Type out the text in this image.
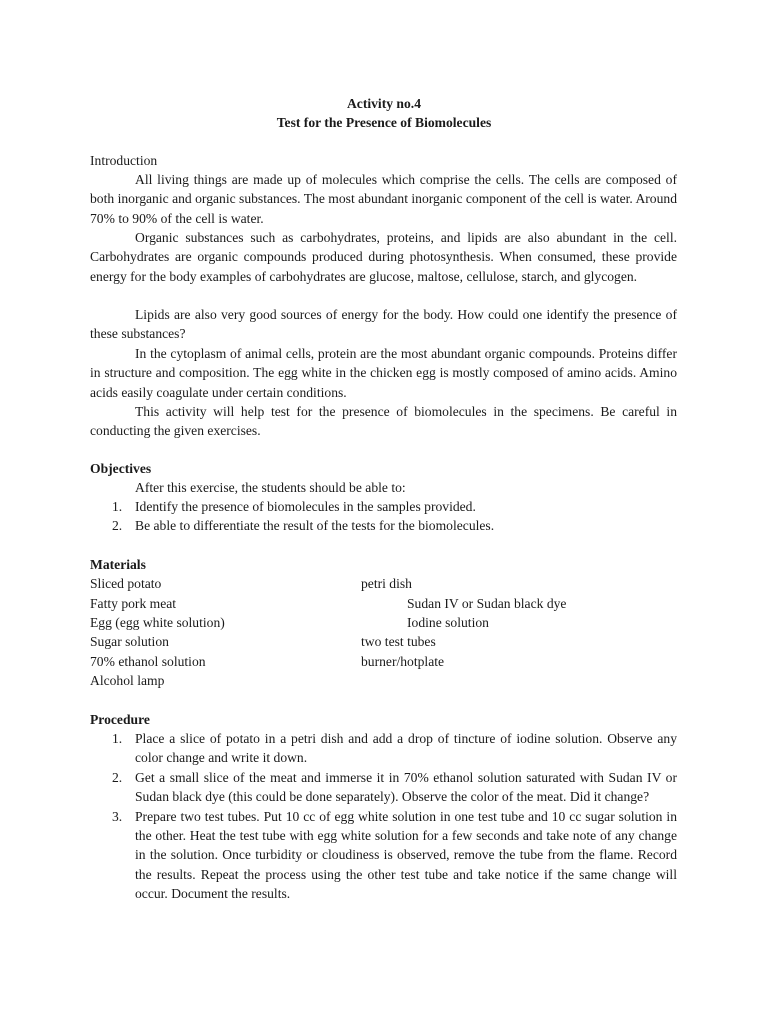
Activity no.4
Test for the Presence of Biomolecules
Introduction

All living things are made up of molecules which comprise the cells. The cells are composed of both inorganic and organic substances. The most abundant inorganic component of the cell is water. Around 70% to 90% of the cell is water.

Organic substances such as carbohydrates, proteins, and lipids are also abundant in the cell. Carbohydrates are organic compounds produced during photosynthesis. When consumed, these provide energy for the body examples of carbohydrates are glucose, maltose, cellulose, starch, and glycogen.

Lipids are also very good sources of energy for the body. How could one identify the presence of these substances?

In the cytoplasm of animal cells, protein are the most abundant organic compounds. Proteins differ in structure and composition. The egg white in the chicken egg is mostly composed of amino acids. Amino acids easily coagulate under certain conditions.

This activity will help test for the presence of biomolecules in the specimens. Be careful in conducting the given exercises.

Objectives
After this exercise, the students should be able to:
1. Identify the presence of biomolecules in the samples provided.
2. Be able to differentiate the result of the tests for the biomolecules.
Materials
Sliced potato
Fatty pork meat
Egg (egg white solution)
Sugar solution
70% ethanol solution
Alcohol lamp
petri dish
Sudan IV or Sudan black dye
Iodine solution
two test tubes
burner/hotplate
Procedure
1. Place a slice of potato in a petri dish and add a drop of tincture of iodine solution. Observe any color change and write it down.
2. Get a small slice of the meat and immerse it in 70% ethanol solution saturated with Sudan IV or Sudan black dye (this could be done separately). Observe the color of the meat. Did it change?
3. Prepare two test tubes. Put 10 cc of egg white solution in one test tube and 10 cc sugar solution in the other. Heat the test tube with egg white solution for a few seconds and take note of any change in the solution. Once turbidity or cloudiness is observed, remove the tube from the flame. Record the results. Repeat the process using the other test tube and take notice if the same change will occur. Document the results.
